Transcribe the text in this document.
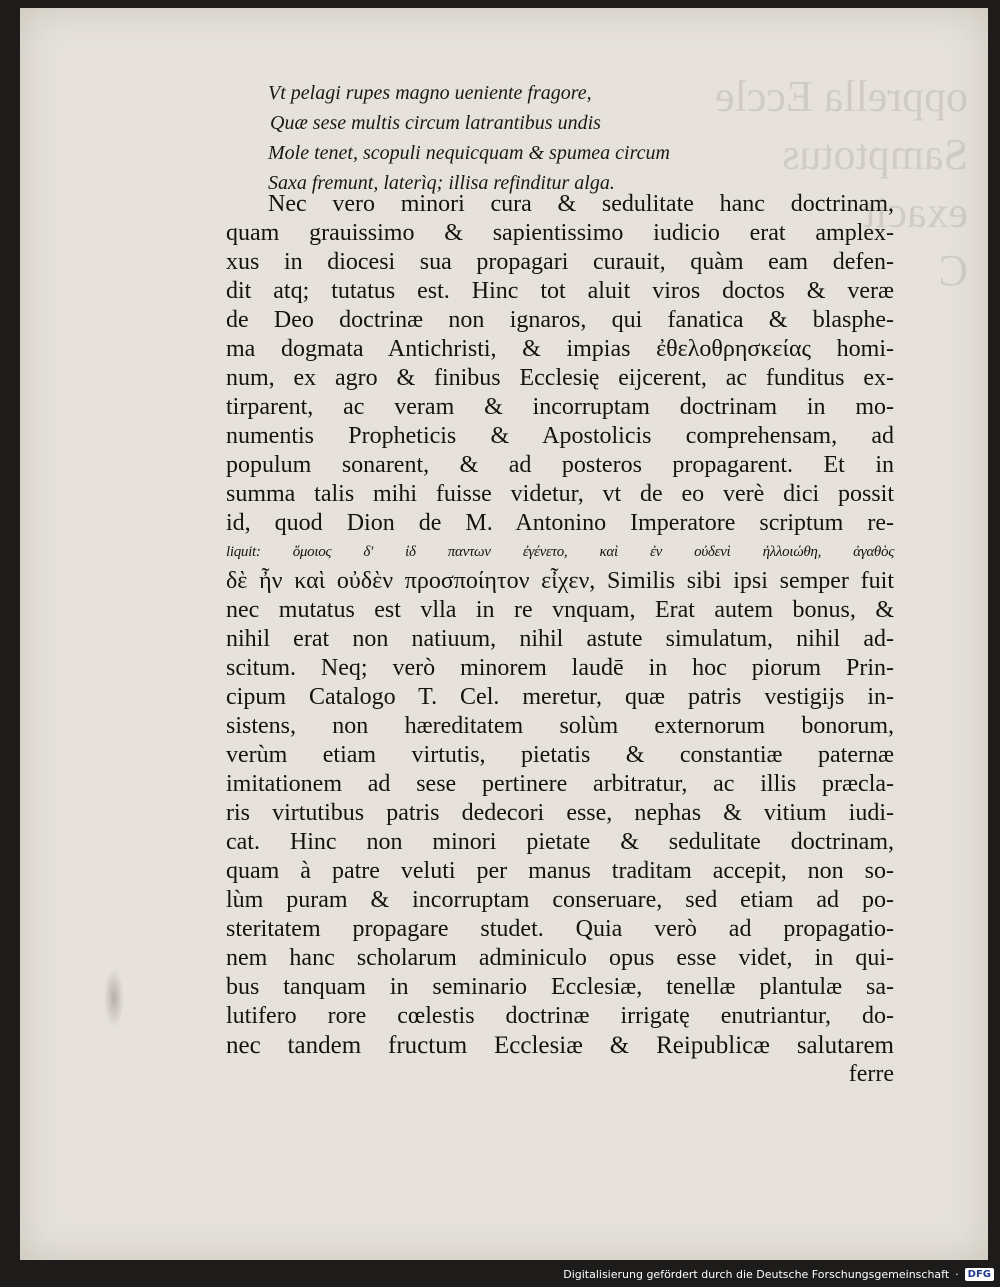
opprella Eccle
Samptotus
exacit
C
Vt pelagi rupes magno ueniente fragore,
Quæ sese multis circum latrantibus undis
Mole tenet, scopuli nequicquam & spumea circum
Saxa fremunt, laterìq; illisa refinditur alga.
Nec vero minori cura & sedulitate hanc doctrinam,
quam grauissimo & sapientissimo iudicio erat amplex-
xus in diocesi sua propagari curauit, quàm eam defen-
dit atq; tutatus est. Hinc tot aluit viros doctos & veræ
de Deo doctrinæ non ignaros, qui fanatica & blasphe-
ma dogmata Antichristi, & impias ἐθελοθρησκείας homi-
num, ex agro & finibus Ecclesię eijcerent, ac funditus ex-
tirparent, ac veram & incorruptam doctrinam in mo-
numentis Propheticis & Apostolicis comprehensam, ad
populum sonarent, & ad posteros propagarent. Et in
summa talis mihi fuisse videtur, vt de eo verè dici possit
id, quod Dion de M. Antonino Imperatore scriptum re-
liquit: ὅμοιος δ' ἰδ παντων ἐγένετο, καὶ ἐν οὐδενὶ ἠλλοιώθη, ἀγαθὸς
δὲ ἦν καὶ οὐδὲν προσποίητον εἶχεν, Similis sibi ipsi semper fuit
nec mutatus est vlla in re vnquam, Erat autem bonus, &
nihil erat non natiuum, nihil astute simulatum, nihil ad-
scitum. Neq; verò minorem laudē in hoc piorum Prin-
cipum Catalogo T. Cel. meretur, quæ patris vestigijs in-
sistens, non hæreditatem solùm externorum bonorum,
verùm etiam virtutis, pietatis & constantiæ paternæ
imitationem ad sese pertinere arbitratur, ac illis præcla-
ris virtutibus patris dedecori esse, nephas & vitium iudi-
cat. Hinc non minori pietate & sedulitate doctrinam,
quam à patre veluti per manus traditam accepit, non so-
lùm puram & incorruptam conseruare, sed etiam ad po-
steritatem propagare studet. Quia verò ad propagatio-
nem hanc scholarum adminiculo opus esse videt, in qui-
bus tanquam in seminario Ecclesiæ, tenellæ plantulæ sa-
lutifero rore cœlestis doctrinæ irrigatę enutriantur, do-
nec tandem fructum Ecclesiæ & Reipublicæ salutarem
ferre
Digitalisierung gefördert durch die Deutsche Forschungsgemeinschaft · DFG
